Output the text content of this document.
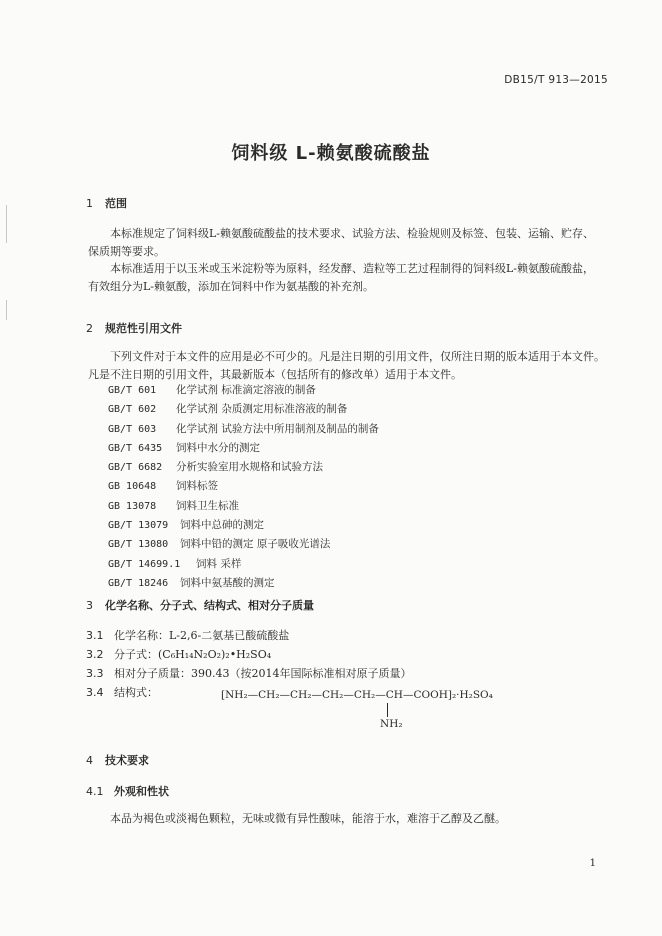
DB15/T 913—2015
饲料级 L-赖氨酸硫酸盐
1 范围

本标准规定了饲料级L-赖氨酸硫酸盐的技术要求、试验方法、检验规则及标签、包装、运输、贮存、

保质期等要求。

本标准适用于以玉米或玉米淀粉等为原料，经发酵、造粒等工艺过程制得的饲料级L-赖氨酸硫酸盐，

有效组分为L-赖氨酸，添加在饲料中作为氨基酸的补充剂。

2 规范性引用文件

下列文件对于本文件的应用是必不可少的。凡是注日期的引用文件，仅所注日期的版本适用于本文件。

凡是不注日期的引用文件，其最新版本（包括所有的修改单）适用于本文件。

GB/T 601 化学试剂 标准滴定溶液的制备
GB/T 602 化学试剂 杂质测定用标准溶液的制备
GB/T 603 化学试剂 试验方法中所用制剂及制品的制备
GB/T 6435 饲料中水分的测定
GB/T 6682 分析实验室用水规格和试验方法
GB 10648 饲料标签
GB 13078 饲料卫生标准
GB/T 13079 饲料中总砷的测定
GB/T 13080 饲料中铅的测定 原子吸收光谱法
GB/T 14699.1 饲料 采样
GB/T 18246 饲料中氨基酸的测定
3 化学名称、分子式、结构式、相对分子质量
3.1 化学名称：L-2,6-二氨基已酸硫酸盐
3.2 分子式：(C₆H₁₄N₂O₂)₂•H₂SO₄
3.3 相对分子质量：390.43（按2014年国际标准相对原子质量）
3.4 结构式：	[NH₂—CH₂—CH₂—CH₂—CH₂—CH—COOH]₂·H₂SO₄
NH₂
4 技术要求
4.1 外观和性状
本品为褐色或淡褐色颗粒，无味或微有异性酸味，能溶于水，难溶于乙醇及乙醚。
1
